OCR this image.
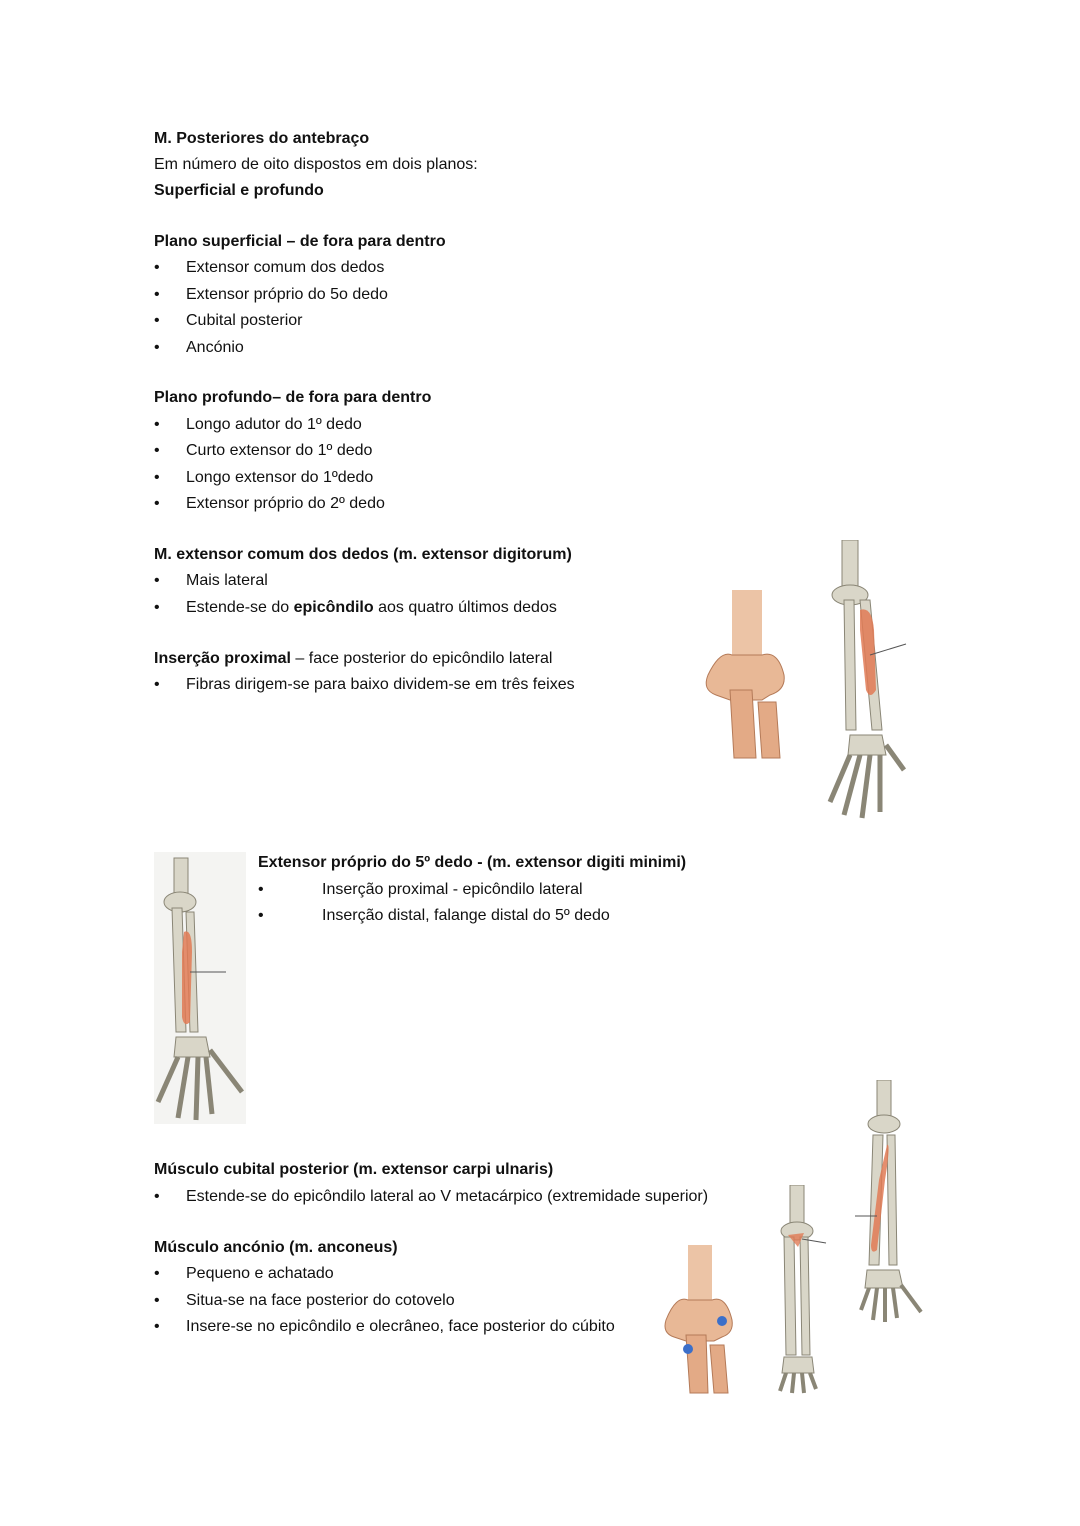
M. Posteriores do antebraço
Em número de oito dispostos em dois planos:
Superficial e profundo
Plano superficial – de fora para dentro
• Extensor comum dos dedos
• Extensor próprio do 5o dedo
• Cubital posterior
• Ancónio
Plano profundo– de fora para dentro
• Longo adutor do 1º dedo
• Curto extensor do 1º dedo
• Longo extensor do 1ºdedo
• Extensor próprio do 2º dedo
M. extensor comum dos dedos (m. extensor digitorum)
• Mais lateral
• Estende-se do epicôndilo aos quatro últimos dedos
Inserção proximal – face posterior do epicôndilo lateral
• Fibras dirigem-se para baixo dividem-se em três feixes
Extensor próprio do 5º dedo - (m. extensor digiti minimi)
•	Inserção proximal - epicôndilo lateral
•	Inserção distal, falange distal do 5º dedo
Músculo cubital posterior (m. extensor carpi ulnaris)
• Estende-se do epicôndilo lateral ao V metacárpico (extremidade superior)
Músculo ancónio (m. anconeus)
• Pequeno e achatado
• Situa-se na face posterior do cotovelo
• Insere-se no epicôndilo e olecrâneo, face posterior do cúbito
